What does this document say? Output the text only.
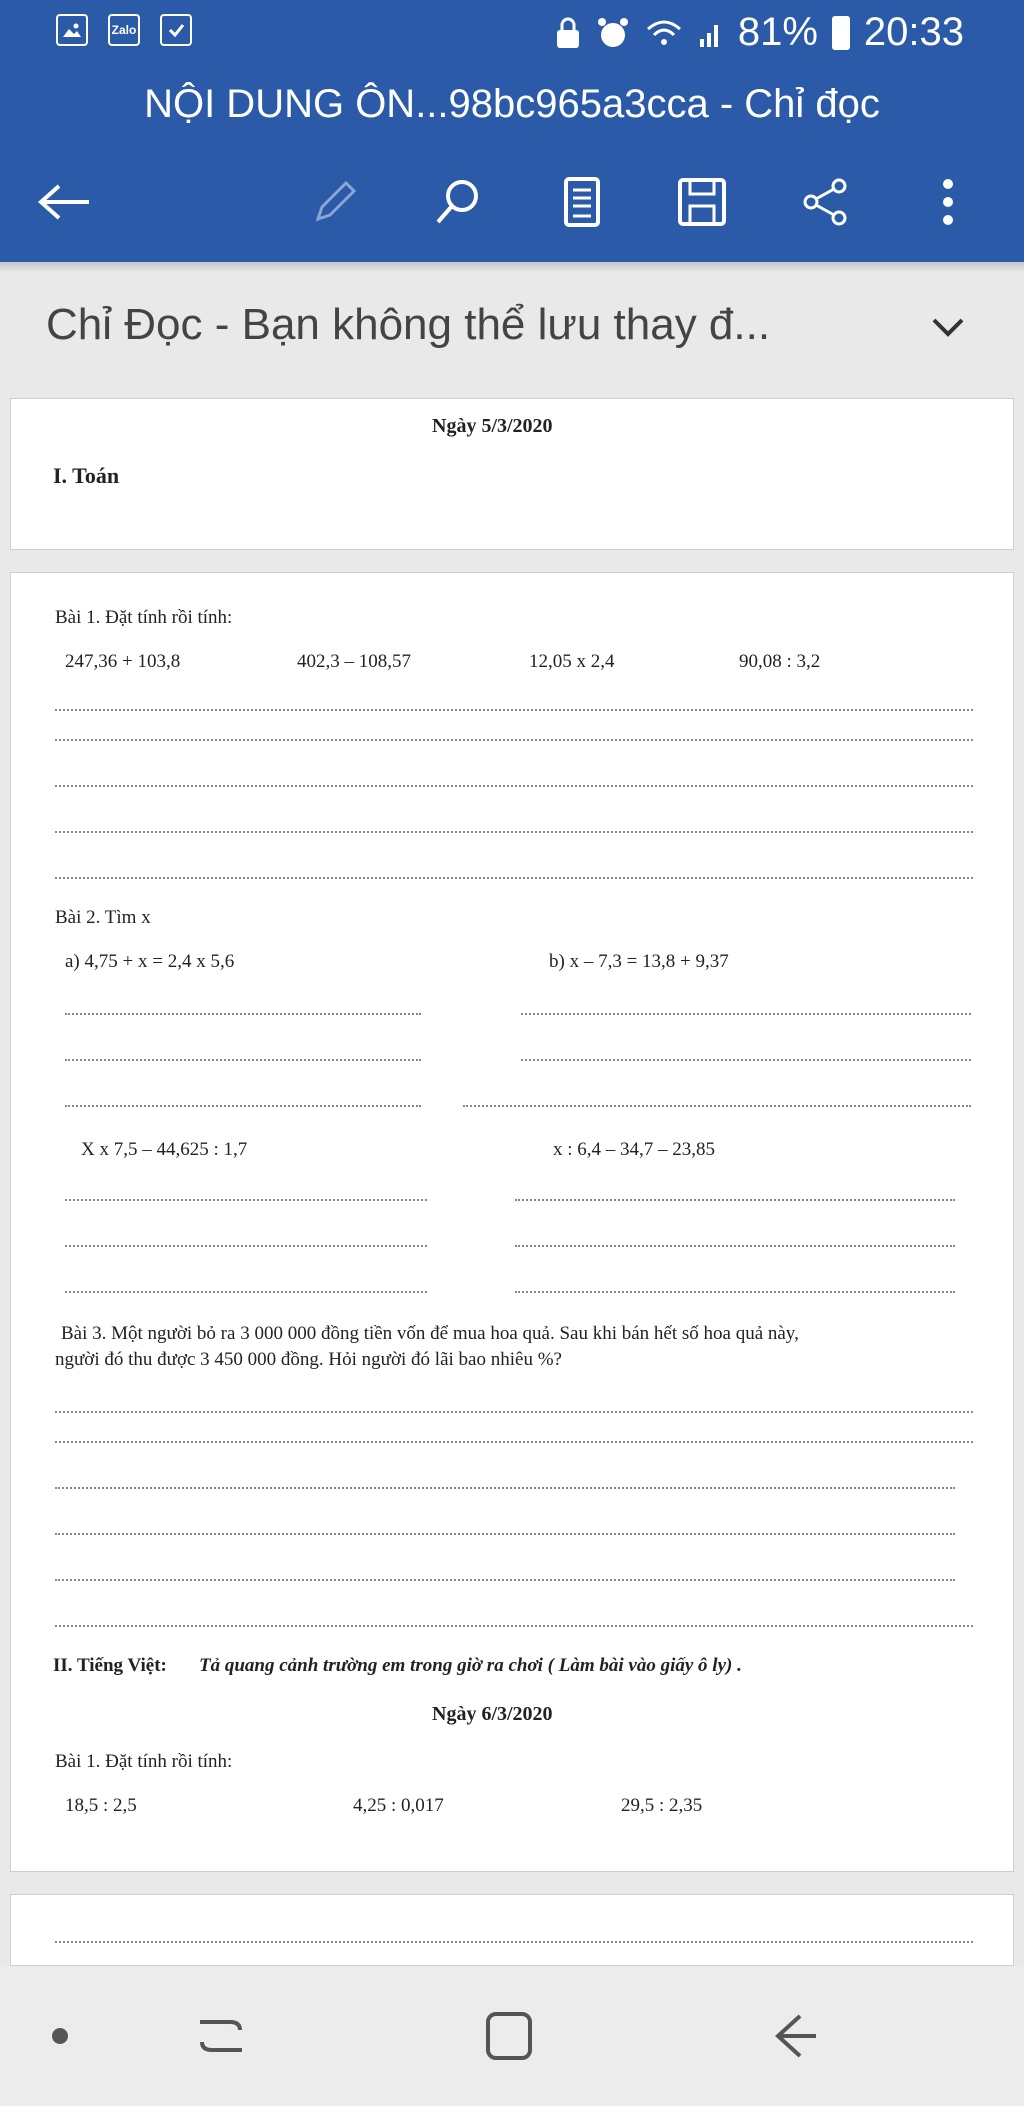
Zalo	81% 20:33
NỘI DUNG ÔN...98bc965a3cca - Chỉ đọc
Chỉ Đọc - Bạn không thể lưu thay đ...
Ngày 5/3/2020
I. Toán
Bài 1. Đặt tính rồi tính:
247,36 + 103,8	402,3 – 108,57	12,05 x 2,4	90,08 : 3,2
Bài 2. Tìm x
a) 4,75 + x = 2,4 x 5,6	b) x – 7,3 = 13,8 + 9,37
X x 7,5 – 44,625 : 1,7	x : 6,4 – 34,7 – 23,85
Bài 3. Một người bỏ ra 3 000 000 đồng tiền vốn để mua hoa quả. Sau khi bán hết số hoa quả này,
người đó thu được 3 450 000 đồng. Hỏi người đó lãi bao nhiêu %?
II. Tiếng Việt: Tả quang cảnh trường em trong giờ ra chơi ( Làm bài vào giấy ô ly) .
Ngày 6/3/2020
Bài 1. Đặt tính rồi tính:
18,5 : 2,5	4,25 : 0,017	29,5 : 2,35
